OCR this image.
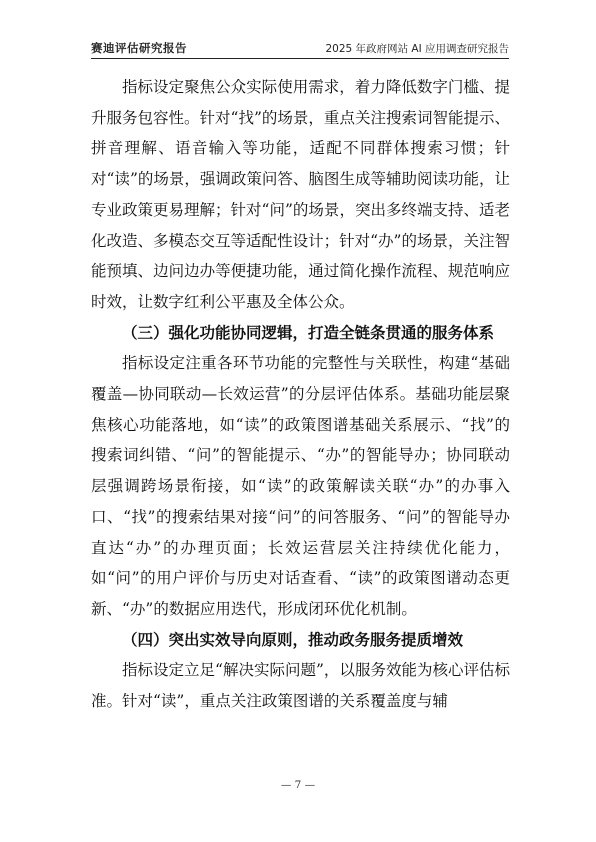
赛迪评估研究报告	2025 年政府网站 AI 应用调查研究报告

指标设定聚焦公众实际使用需求，着力降低数字门槛、提升服务包容性。针对“找”的场景，重点关注搜索词智能提示、拼音理解、语音输入等功能，适配不同群体搜索习惯；针对“读”的场景，强调政策问答、脑图生成等辅助阅读功能，让专业政策更易理解；针对“问”的场景，突出多终端支持、适老化改造、多模态交互等适配性设计；针对“办”的场景，关注智能预填、边问边办等便捷功能，通过简化操作流程、规范响应时效，让数字红利公平惠及全体公众。

（三）强化功能协同逻辑，打造全链条贯通的服务体系

指标设定注重各环节功能的完整性与关联性，构建“基础覆盖—协同联动—长效运营”的分层评估体系。基础功能层聚焦核心功能落地，如“读”的政策图谱基础关系展示、“找”的搜索词纠错、“问”的智能提示、“办”的智能导办；协同联动层强调跨场景衔接，如“读”的政策解读关联“办”的办事入口、“找”的搜索结果对接“问”的问答服务、“问”的智能导办直达“办”的办理页面；长效运营层关注持续优化能力，如“问”的用户评价与历史对话查看、“读”的政策图谱动态更新、“办”的数据应用迭代，形成闭环优化机制。

（四）突出实效导向原则，推动政务服务提质增效

指标设定立足“解决实际问题”，以服务效能为核心评估标准。针对“读”，重点关注政策图谱的关系覆盖度与辅

— 7 —
